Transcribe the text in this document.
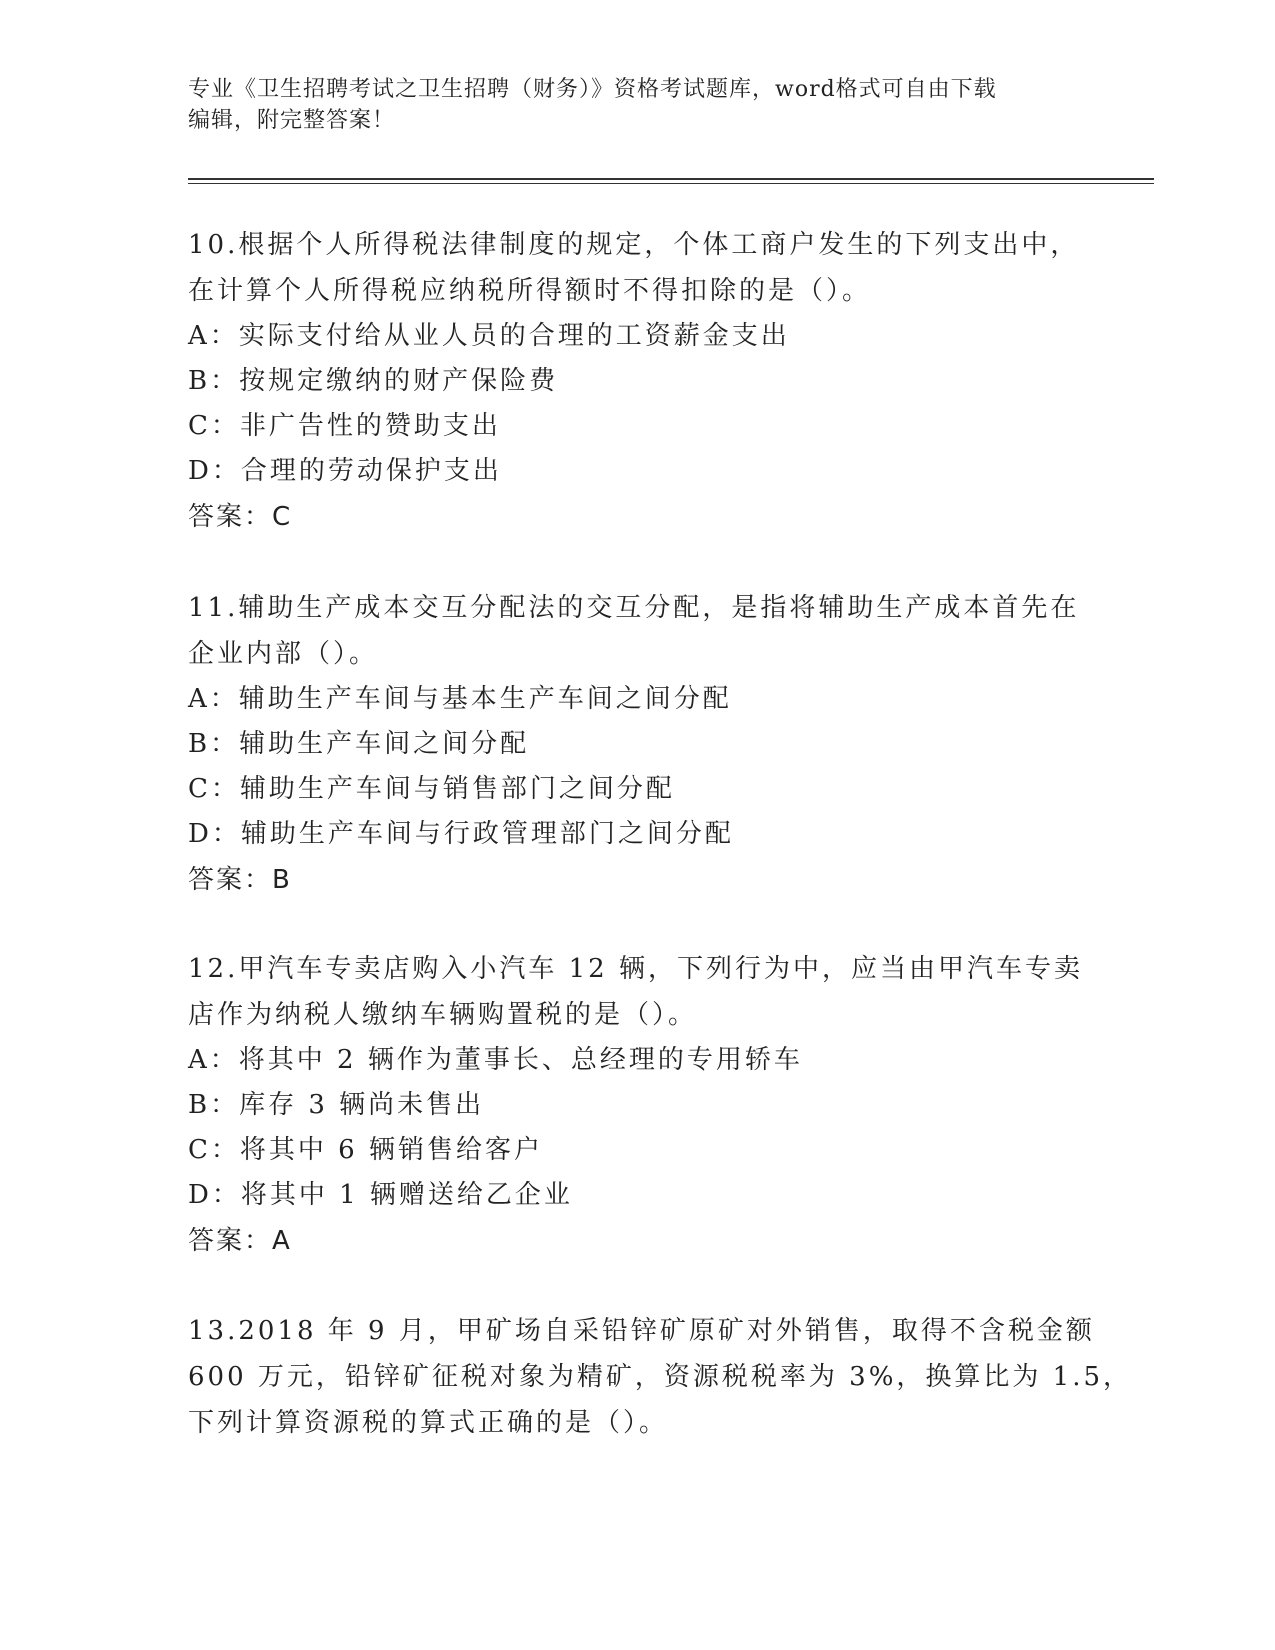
专业《卫生招聘考试之卫生招聘（财务）》资格考试题库，word格式可自由下载
编辑，附完整答案！
10.根据个人所得税法律制度的规定，个体工商户发生的下列支出中，
在计算个人所得税应纳税所得额时不得扣除的是（）。
A：实际支付给从业人员的合理的工资薪金支出
B：按规定缴纳的财产保险费
C：非广告性的赞助支出
D：合理的劳动保护支出
答案：C
11.辅助生产成本交互分配法的交互分配，是指将辅助生产成本首先在
企业内部（）。
A：辅助生产车间与基本生产车间之间分配
B：辅助生产车间之间分配
C：辅助生产车间与销售部门之间分配
D：辅助生产车间与行政管理部门之间分配
答案：B
12.甲汽车专卖店购入小汽车 12 辆，下列行为中，应当由甲汽车专卖
店作为纳税人缴纳车辆购置税的是（）。
A：将其中 2 辆作为董事长、总经理的专用轿车
B：库存 3 辆尚未售出
C：将其中 6 辆销售给客户
D：将其中 1 辆赠送给乙企业
答案：A
13.2018 年 9 月，甲矿场自采铅锌矿原矿对外销售，取得不含税金额
600 万元，铅锌矿征税对象为精矿，资源税税率为 3%，换算比为 1.5，
下列计算资源税的算式正确的是（）。
